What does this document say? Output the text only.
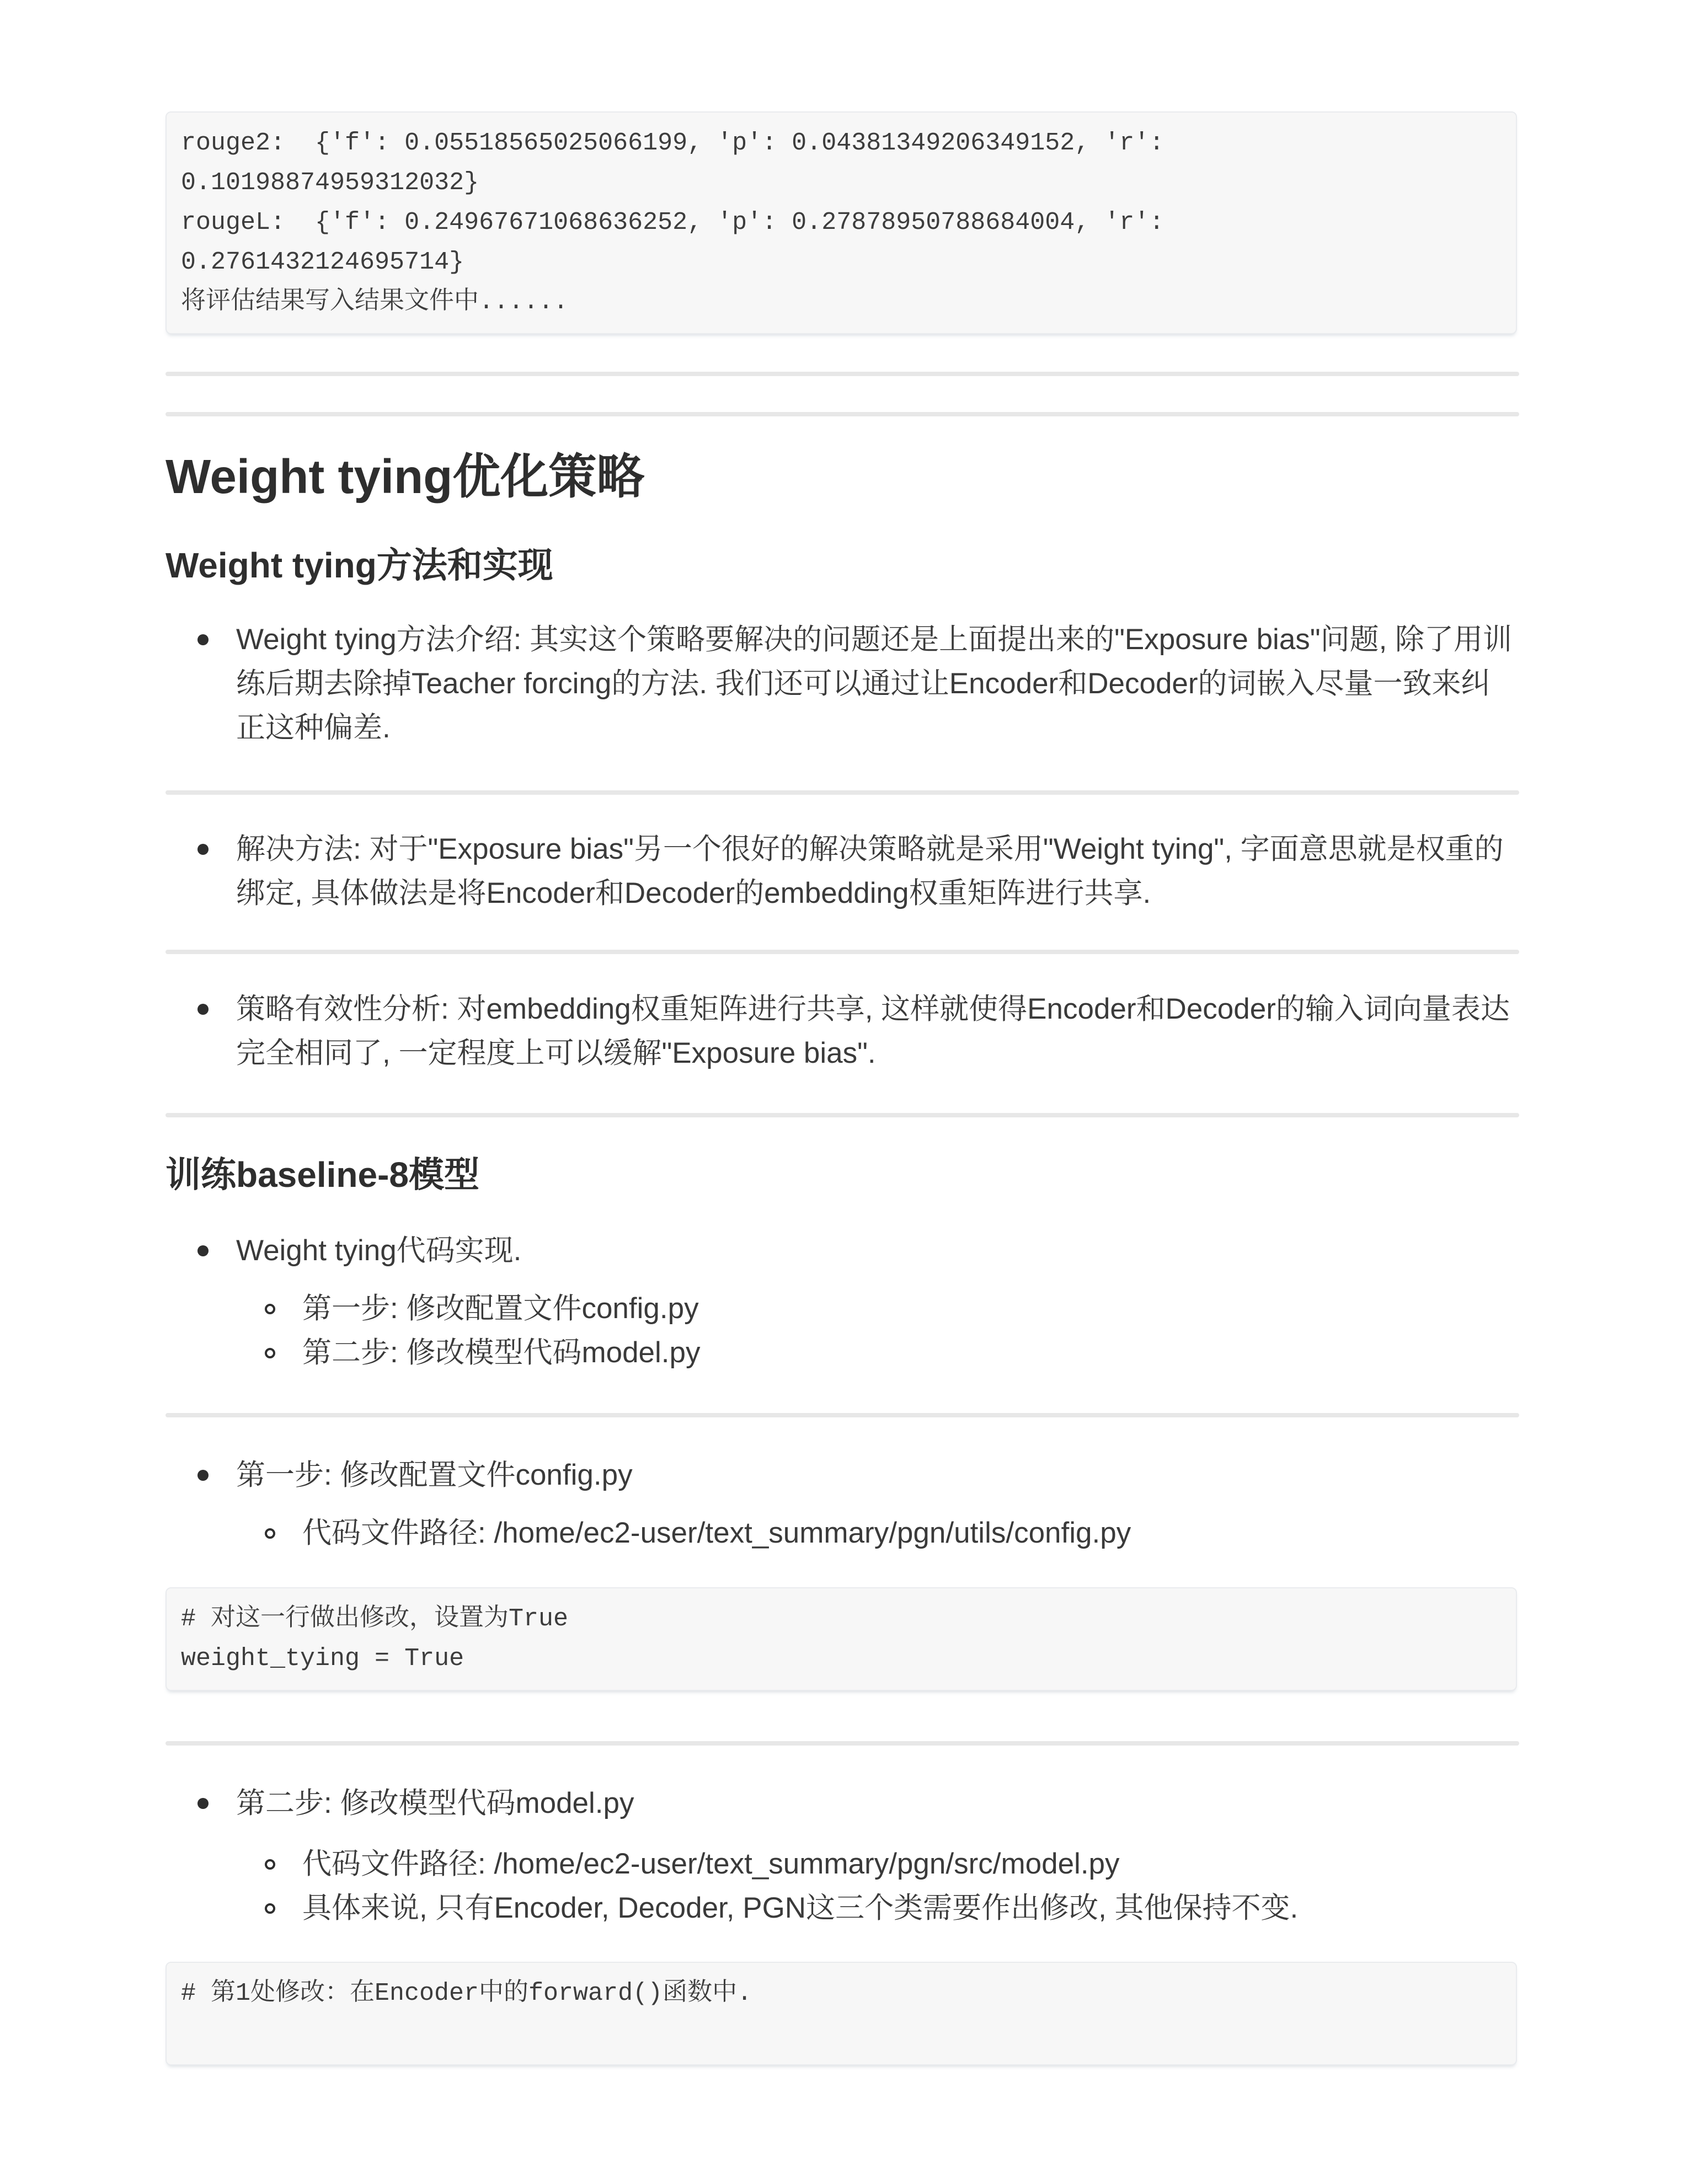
rouge2:  {'f': 0.05518565025066199, 'p': 0.04381349206349152, 'r':
0.10198874959312032}
rougeL:  {'f': 0.24967671068636252, 'p': 0.27878950788684004, 'r':
0.2761432124695714}
将评估结果写入结果文件中......
Weight tying优化策略
Weight tying方法和实现
Weight tying方法介绍: 其实这个策略要解决的问题还是上面提出来的"Exposure bias"问题, 除了用训练后期去除掉Teacher forcing的方法. 我们还可以通过让Encoder和Decoder的词嵌入尽量一致来纠正这种偏差.
解决方法: 对于"Exposure bias"另一个很好的解决策略就是采用"Weight tying", 字面意思就是权重的绑定, 具体做法是将Encoder和Decoder的embedding权重矩阵进行共享.
策略有效性分析: 对embedding权重矩阵进行共享, 这样就使得Encoder和Decoder的输入词向量表达完全相同了, 一定程度上可以缓解"Exposure bias".
训练baseline-8模型
Weight tying代码实现.
第一步: 修改配置文件config.py
第二步: 修改模型代码model.py
第一步: 修改配置文件config.py
代码文件路径: /home/ec2-user/text_summary/pgn/utils/config.py
# 对这一行做出修改，设置为True
weight_tying = True
第二步: 修改模型代码model.py
代码文件路径: /home/ec2-user/text_summary/pgn/src/model.py
具体来说, 只有Encoder, Decoder, PGN这三个类需要作出修改, 其他保持不变.
# 第1处修改：在Encoder中的forward()函数中.
